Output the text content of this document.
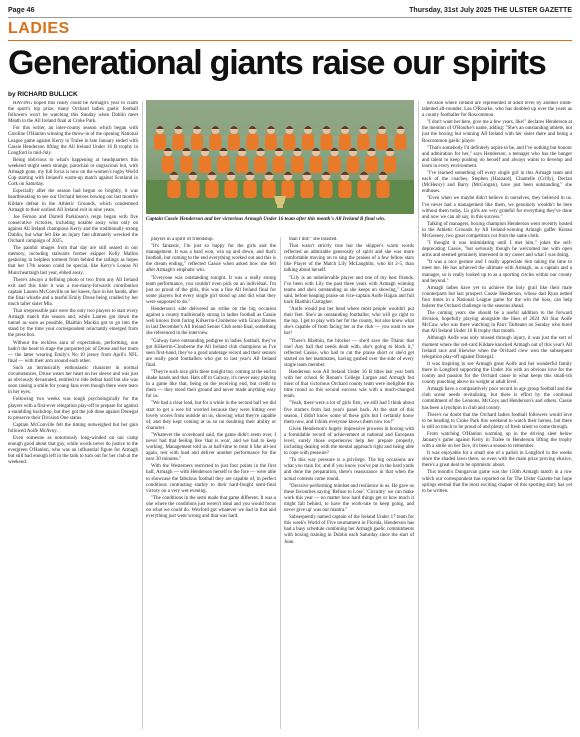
Page 46	Thursday, 31st July 2025 THE ULSTER GAZETTE
LADIES
Generational giants raise our spirits
by RICHARD BULLICK

HAVING hoped this really could be Armagh's year to claim the sport's top prize, many Orchard ladies gaelic football followers won't be watching this Sunday when Dublin meet Meath in the All Ireland final at Croke Park.

For this writer, an inter-county season which began with Caroline O'Hanlon winning the throw-in of the opening National League game against Kerry in Tralee in late January ended with Cassie Henderson lifting the All Ireland Under 16 B trophy in Longford in mid-July.

Being oblivious to what's happening at headquarters this weekend might seem strange, parochial or ungracious but, with Armagh gone, my full focus is now on the women's rugby World Cup starting with Ireland's warm-up match against Scotland in Cork on Saturday.

Especially after the season had begun so brightly, it was heartbreaking to see our Orchard heroes bowing out last month's Kildare defeat in the Athletic Grounds, which condemned Armagh to their earliest All Ireland exit in nine years.

Joe Fernon and Darrell Parkinson's reign began with five consecutive victories, including notable away wins only on against All Ireland champions Kerry and the traditionally strong Dublin, but what felt like an injury fate ultimately wrecked the Orchard campaign of 2025.

The painful images from that day are still seared in our memory, including stalwarts former skipper Kelly Mallon gesturing in helpless torment from behind the railings as hopes that her 17th season could be special, like Kerry's Louise Ni Muircheartaigh last year, ebbed away.

There's always a defining photo or two from any All Ireland exit and this time it was a too-many-forwards contribution captain Lauren McConville on her knees, face in her hands, after the final whistle and a tearful Emily Druse being cradled by her much taller sister Mia.

That irrepressible pair were the only two players to start every Armagh match this season and, while Lauren got down the tunnel as soon as possible, Blaithin Mackin got to go into the stand by the time your correspondent reluctantly emerged from the press box.

Without the reckless aura of expectation, performing, one hadn't the heart to stage the purported pic of Druse and her mum — the latter wearing Emily's No 10 jersey from April's NFL final — with their arm around each other.

Such an intrinsically enthusiastic character in normal circumstances, Druse wears her heart on her sleeve and was just as obviously devastated, entitled to ride defeat hard but she was soon raising a smile for young fans even though there were tears in her eyes.

Following two weeks was tough psychologically for the players with a first-ever relegation play-off to prepare for against a stumbling backdrop, but they got the job done against Donegal to preserve their Division One status.

Captain McConville felt the timing outweighed but her gain followed Aoife McAvoy.

Even someone as notoriously long-winded on our camp enough good about that guy, while words never do justice to the evergreen O'Hanlon, who was an influential figure for Armagh but still had enough left in the tank to turn out for her club at the weekend.

Captain Cassie Henderson and her victorious Armagh Under 16 team after this month's All Ireland B final win.

players in a spirit of friendship.

"It's fantastic, I'm just so happy for the girls and the management. It was a hard won, win up and down, and that's football, but coming to the end everything worked out and this is the dream ending," reflected Cassie when asked how she felt after Armagh's emphatic win.

"Everyone was outstanding tonight. It was a really strong team performance, you couldn't even pick on an individual. I'm just so proud of the girls, this was a fine All Ireland final for some players but every single girl stood up and did what they were supposed to do."

Henderson's side delivered an strike on the big occasion against a county traditionally strong in ladies football as Cassie well knows from facing Kilkerrin-Clonberne with Grace Barnes in last December's All Ireland Senior Club semi-final, something she referenced in the interview.

"Galway have outstanding pedigree in ladies football, they've got Kilkerrin-Clonberne the All Ireland club champions as I've seen first-hand, they've a good underage record and their seniors are really good footballers who got to last year's All Ireland final.

"They're such nice girls there tonight too, coming at the end to shake hands and that. Hats off to Galway, it's never easy playing in a game like that, being on the receiving end, but credit to them — they stood their ground and never made anything easy for us.

"We had a clear lead, but for a while in the second half we did start to get a wee bit worried because they were hitting over lovely scores from outside on us, showing what they're capable of, and they kept coming at us so no doubting their ability or character.

"Whatever the scoreboard said, the game didn't seem over, I never had that feeling like 'that is won', and we had to keep working. Management told us at half-time to treat it like all-out again, rest with lead and deliver another performance for the next 30 minutes."

With the Westerners restricted to just four points in the first half, Armagh — with Henderson herself to the fore — were able to showcase the fabulous football they are capable of, in perfect conditions contrasting starkly to their hard-fought semi-final victory on a very wet evening.

"The conditions in the semi made that game different. It was a one where the conditions just weren't ideal and you would focus on what we could do. Wexford got whatever we had in that and everything just went wrong and that was hard.

than I did!" she insisted.

That wasn't strictly true but the skipper's warm words reflected an admirable generosity of spirit and she was more comfortable moving on to sing the praises of a few fellow stars like Player of the Match Lily McLaughlin, who hit 2-5, than talking about herself.

"Lily is an unbelievable player and one of my best friends. I've been with Lily the past three years with Armagh winning teams and she's outstanding as she keeps on showing," Cassie said, before heaping praise on vice-captain Aoife Hagan and full back Blaithin Carragher.

"Aoife would put her head where most people wouldn't put their feet. She's an outstanding footballer, who will go right to the top. I get to play with her for the county, but also know what she's capable of from facing her at the club — you want to see her!

"There's Blaithin, the blocker — she'd save the Titanic that one! Any ball that needs dealt with, she's going to block it," reflected Cassie, who had to cut the praise short or she'd get started on her teammates, having gushed over the side of every single team member.

Henderson won All Ireland Under 16 B titles last year both with her school St Ronan's College Lurgan and Armagh but most of that victorious Orchard county team were ineligible this time round so this second success was with a much-changed team.

"Yeah, there were a lot of girls first, we still had I think about five starters from last year's panel back. At the start of this season, I didn't know some of these girls but I certainly know them now, and I think everyone knows them now too!"

Given Henderson's hugely impressive prowess in boxing with a formidable record of achievement at national and European level, surely those experiences help her prepare properly, including dealing with the mental approach right and being able to cope with pressure?

"To this way pressure is a privilege. The big occasions are what you train for, and if you know you've put in the hard yards and done the preparation, there's reassurance in that when the actual contests come round.

"Decisive performing mindset and resilience in us. He gave us these favourites saying 'Refuse to Lose'. 'Circuitry' we can make work this year — no matter how hard things get or how much it might fall behind, to have the work-rate to keep going, and never give up' was our mantra."

Subsequently named captain of the Ireland Under 17 team for this week's World of Five tournament in Florida, Henderson has had a busy schedule combining her Armagh gaelic commitments with boxing training in Dublin each Saturday since the start of June.

division where Ireland are represented at adult level by another ninth-talented all-rounder, Lea O'Rourke, who has doubled up over the years as a county footballer for Roscommon.

"I don't want her here, give me a few years, like!" declares Henderson at the mention of O'Rourke's name, adding: "She's an outstanding athlete, not just the boxing but winning All Ireland with her sister there and being a Roscommon gaelic player.

"That's somebody I'd definitely aspire to be, and I've nothing but honour and admiration for her," says Henderson, a teenager who has the hunger and talent to keep pushing on herself and always wants to develop and learn in every environment.

"I've learned something off every single girl in this Armagh team and each of the coaches, Stephen (Hazzard), Chantelle (Crilly), Declan (McHenry) and Barry (McGrogan), have just been outstanding," she enthuses.

"Even when we maybe didn't believe in ourselves, they believed in us. I've never had a management like them, we genuinely wouldn't be here without them today. Us girls are very grateful for everything they've done and now we can all say, in this success."

Talking of managers, boxing champion Henderson went recently hosted in the Athletic Grounds by All Ireland-winning Armagh gaffer Kieran McGeeney, two great competitors cut from the same cloth.

"I thought it was intimidating until I met him," jokes the self-deprecating Cassie, "but seriously though he welcomed me with open arms and seemed genuinely interested in my career and what I was doing.

"It was a nice gesture and I really appreciate him taking the time to meet me. He has achieved the ultimate with Armagh, as a captain and a manager, so is really looked up to as a sporting circles within our county and beyond."

Armagh ladies have yet to achieve the holy grail like their male counterparts but last prospect Cassie Henderson, whose dad Ryan netted four times in a National League game for the win the boss, can help bolster the Orchard challenge in the seasons ahead.

The coming years she should be a useful addition to the forward division, hopefully playing alongside the likes of 2024 All Star Aoife McCaw, who was there watching in Pairc Tailteann on Sunday who hired that All Ireland Under 16 B trophy that month.

Although Aoife was only missed through injury, it was just the sort of moment where the red-card Kildare knocked Armagh out of this year's All Ireland race and likewise when the Orchard crew won the subsequent relegation play-off against Donegal.

It was inspiring to see Armagh great Aoife and her wonderful family there in Longford supporting the Under 16s with an obvious love for the county and passion for the Orchard cause in what keeps this small-ish county punching above its weight at adult level.

Armagh have a comparatively poor record in age group football and the club scene needs revitalising, but there is effort by the continual commitment of the Lennons, McCoys and Henderson's and others. Cassie has been a lynchpin in club and county.

There's no doubt that the Orchard ladies football followers would love to be heading to Croke Park this weekend to watch their heroes, but there is still so much to be proud of and plenty of fresh talent to come through.

From watching O'Hanlon warming up in the driving sleet below January's game against Kerry in Tralee to Henderson lifting the trophy with a smile on her face, it's been a season to remember.

It was enjoyable for a small one of a parish in Longford in the weeks since the shaded lawn there, so even with the main prize proving elusive, there's a great deal to be optimistic about.

This month's Dungarvan game was the 150th Armagh match in a row which our correspondent has reported on for The Ulster Gazette but hope springs eternal that the most exciting chapter of this sporting story has yet to be written.
